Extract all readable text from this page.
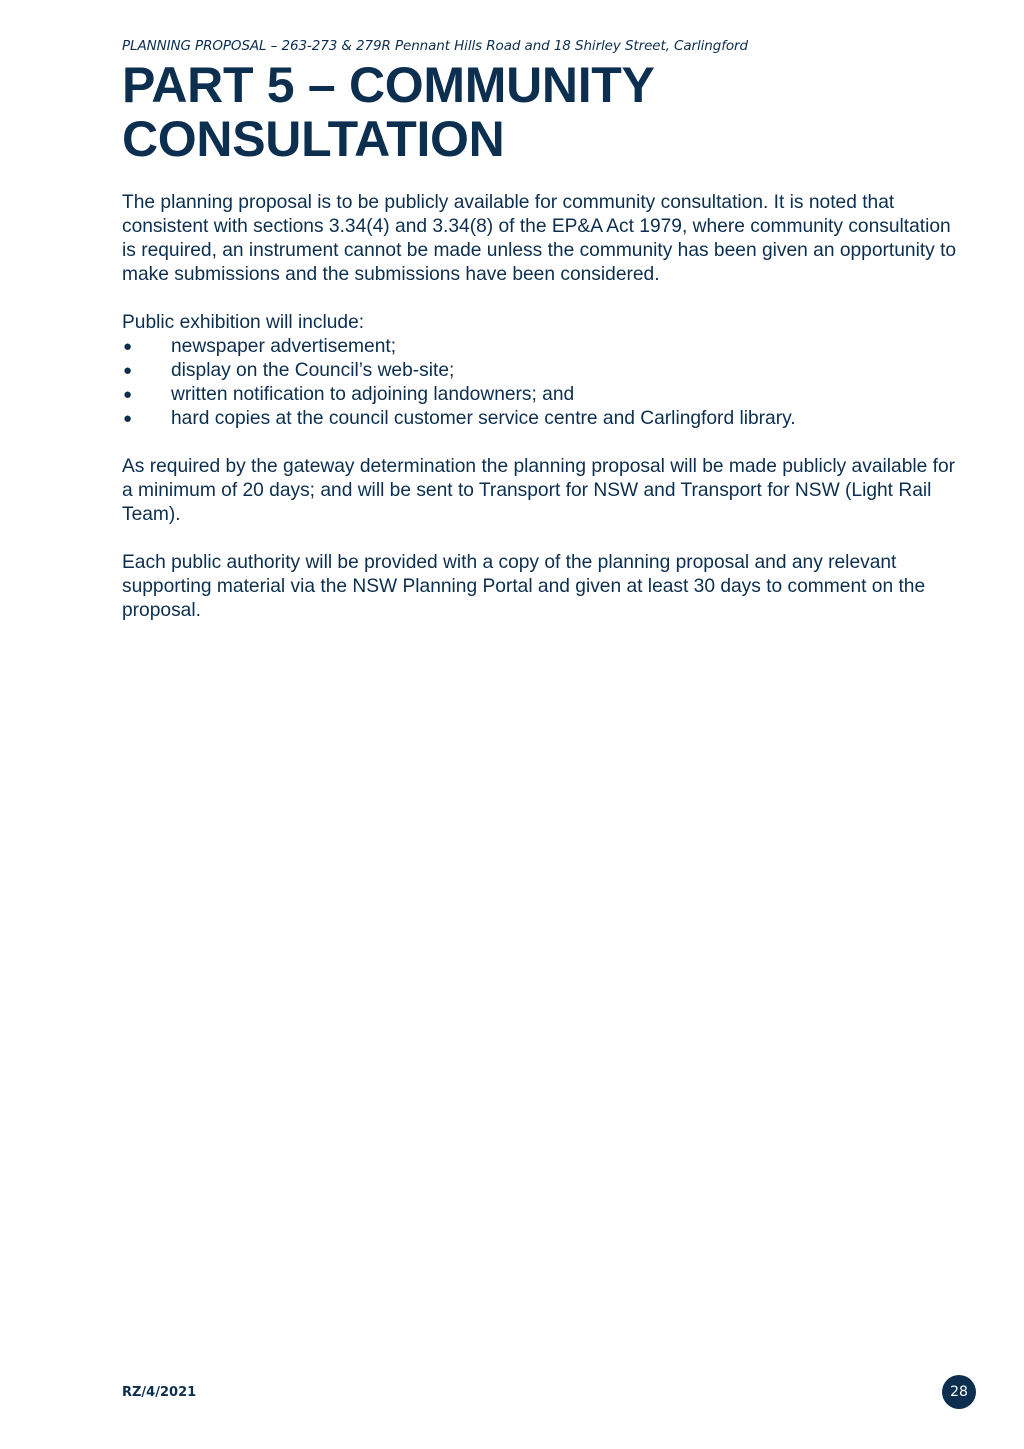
PLANNING PROPOSAL – 263-273 & 279R Pennant Hills Road and 18 Shirley Street, Carlingford
PART 5 – COMMUNITY
CONSULTATION

The planning proposal is to be publicly available for community consultation. It is noted that consistent with sections 3.34(4) and 3.34(8) of the EP&A Act 1979, where community consultation is required, an instrument cannot be made unless the community has been given an opportunity to make submissions and the submissions have been considered.

Public exhibition will include:

● newspaper advertisement;
● display on the Council’s web-site;
● written notification to adjoining landowners; and
● hard copies at the council customer service centre and Carlingford library.

As required by the gateway determination the planning proposal will be made publicly available for a minimum of 20 days; and will be sent to Transport for NSW and Transport for NSW (Light Rail Team).

Each public authority will be provided with a copy of the planning proposal and any relevant supporting material via the NSW Planning Portal and given at least 30 days to comment on the proposal.

RZ/4/2021	28
